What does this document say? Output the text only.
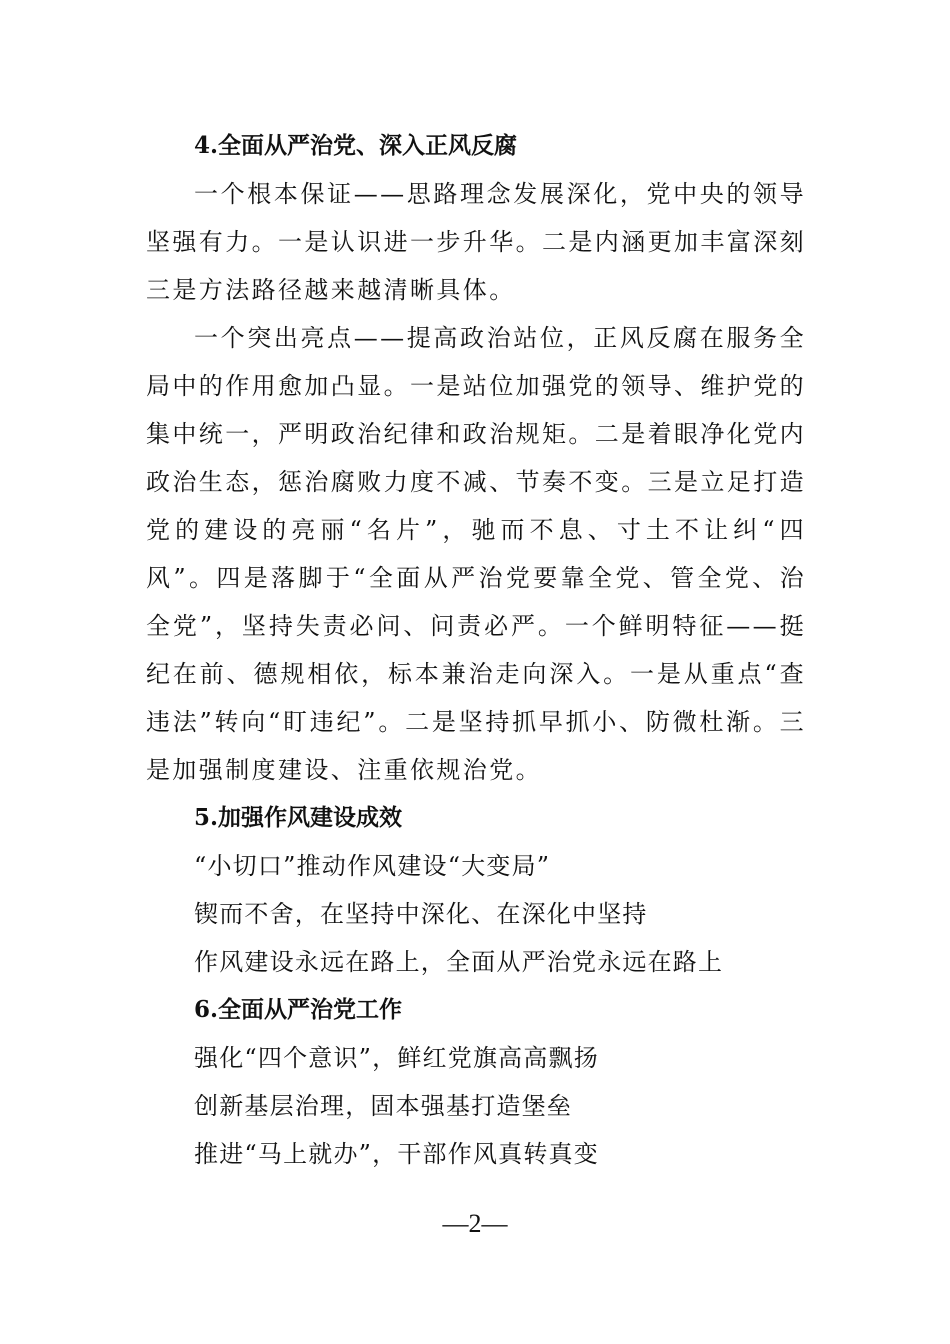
4.全面从严治党、深入正风反腐

一个根本保证——思路理念发展深化，党中央的领导坚强有力。一是认识进一步升华。二是内涵更加丰富深刻三是方法路径越来越清晰具体。

一个突出亮点——提高政治站位，正风反腐在服务全局中的作用愈加凸显。一是站位加强党的领导、维护党的集中统一，严明政治纪律和政治规矩。二是着眼净化党内政治生态，惩治腐败力度不减、节奏不变。三是立足打造党的建设的亮丽“名片”，驰而不息、寸土不让纠“四风”。四是落脚于“全面从严治党要靠全党、管全党、治全党”，坚持失责必问、问责必严。一个鲜明特征——挺纪在前、德规相依，标本兼治走向深入。一是从重点“查违法”转向“盯违纪”。二是坚持抓早抓小、防微杜渐。三是加强制度建设、注重依规治党。

5.加强作风建设成效
“小切口”推动作风建设“大变局”
锲而不舍，在坚持中深化、在深化中坚持
作风建设永远在路上，全面从严治党永远在路上
6.全面从严治党工作
强化“四个意识”，鲜红党旗高高飘扬
创新基层治理，固本强基打造堡垒
推进“马上就办”，干部作风真转真变
—2—
